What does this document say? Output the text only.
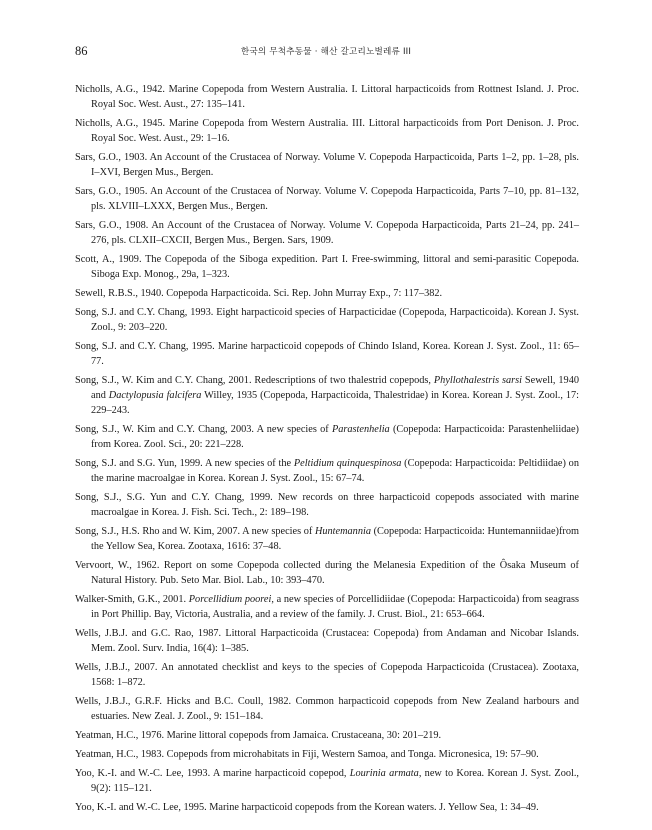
86	한국의 무척추동물 · 해산 갈고리노벌레류 III

Nicholls, A.G., 1942. Marine Copepoda from Western Australia. I. Littoral harpacticoids from Rottnest Island. J. Proc. Royal Soc. West. Aust., 27: 135–141.

Nicholls, A.G., 1945. Marine Copepoda from Western Australia. III. Littoral harpacticoids from Port Denison. J. Proc. Royal Soc. West. Aust., 29: 1–16.

Sars, G.O., 1903. An Account of the Crustacea of Norway. Volume V. Copepoda Harpacticoida, Parts 1–2, pp. 1–28, pls. I–XVI, Bergen Mus., Bergen.

Sars, G.O., 1905. An Account of the Crustacea of Norway. Volume V. Copepoda Harpacticoida, Parts 7–10, pp. 81–132, pls. XLVIII–LXXX, Bergen Mus., Bergen.

Sars, G.O., 1908. An Account of the Crustacea of Norway. Volume V. Copepoda Harpacticoida, Parts 21–24, pp. 241–276, pls. CLXII–CXCII, Bergen Mus., Bergen. Sars, 1909.

Scott, A., 1909. The Copepoda of the Siboga expedition. Part I. Free-swimming, littoral and semi-parasitic Copepoda. Siboga Exp. Monog., 29a, 1–323.

Sewell, R.B.S., 1940. Copepoda Harpacticoida. Sci. Rep. John Murray Exp., 7: 117–382.

Song, S.J. and C.Y. Chang, 1993. Eight harpacticoid species of Harpacticidae (Copepoda, Harpacticoida). Korean J. Syst. Zool., 9: 203–220.

Song, S.J. and C.Y. Chang, 1995. Marine harpacticoid copepods of Chindo Island, Korea. Korean J. Syst. Zool., 11: 65–77.

Song, S.J., W. Kim and C.Y. Chang, 2001. Redescriptions of two thalestrid copepods, Phyllothalestris sarsi Sewell, 1940 and Dactylopusia falcifera Willey, 1935 (Copepoda, Harpacticoida, Thalestridae) in Korea. Korean J. Syst. Zool., 17: 229–243.

Song, S.J., W. Kim and C.Y. Chang, 2003. A new species of Parastenhelia (Copepoda: Harpacticoida: Parastenheliidae) from Korea. Zool. Sci., 20: 221–228.

Song, S.J. and S.G. Yun, 1999. A new species of the Peltidium quinquespinosa (Copepoda: Harpacticoida: Peltidiidae) on the marine macroalgae in Korea. Korean J. Syst. Zool., 15: 67–74.

Song, S.J., S.G. Yun and C.Y. Chang, 1999. New records on three harpacticoid copepods associated with marine macroalgae in Korea. J. Fish. Sci. Tech., 2: 189–198.

Song, S.J., H.S. Rho and W. Kim, 2007. A new species of Huntemannia (Copepoda: Harpacticoida: Huntemanniidae)from the Yellow Sea, Korea. Zootaxa, 1616: 37–48.

Vervoort, W., 1962. Report on some Copepoda collected during the Melanesia Expedition of the Ôsaka Museum of Natural History. Pub. Seto Mar. Biol. Lab., 10: 393–470.

Walker-Smith, G.K., 2001. Porcellidium poorei, a new species of Porcellidiidae (Copepoda: Harpacticoida) from seagrass in Port Phillip. Bay, Victoria, Australia, and a review of the family. J. Crust. Biol., 21: 653–664.

Wells, J.B.J. and G.C. Rao, 1987. Littoral Harpacticoida (Crustacea: Copepoda) from Andaman and Nicobar Islands. Mem. Zool. Surv. India, 16(4): 1–385.

Wells, J.B.J., 2007. An annotated checklist and keys to the species of Copepoda Harpacticoida (Crustacea). Zootaxa, 1568: 1–872.

Wells, J.B.J., G.R.F. Hicks and B.C. Coull, 1982. Common harpacticoid copepods from New Zealand harbours and estuaries. New Zeal. J. Zool., 9: 151–184.

Yeatman, H.C., 1976. Marine littoral copepods from Jamaica. Crustaceana, 30: 201–219.

Yeatman, H.C., 1983. Copepods from microhabitats in Fiji, Western Samoa, and Tonga. Micronesica, 19: 57–90.

Yoo, K.-I. and W.-C. Lee, 1993. A marine harpacticoid copepod, Lourinia armata, new to Korea. Korean J. Syst. Zool., 9(2): 115–121.

Yoo, K.-I. and W.-C. Lee, 1995. Marine harpacticoid copepods from the Korean waters. J. Yellow Sea, 1: 34–49.
